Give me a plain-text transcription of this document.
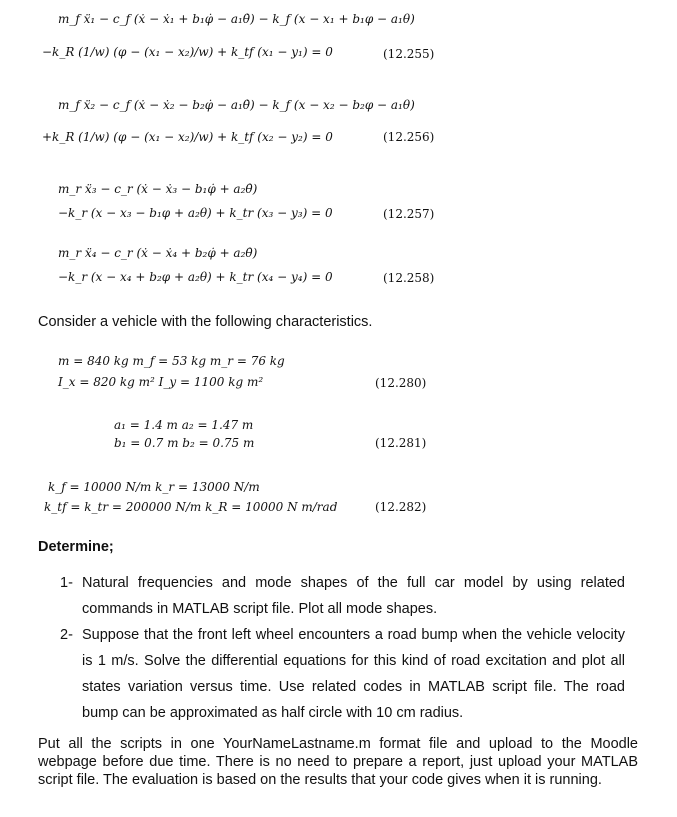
m_f ẍ₁ − c_f (ẋ − ẋ₁ + b₁φ̇ − a₁θ̇) − k_f (x − x₁ + b₁φ − a₁θ)
−k_R (1/w) (φ − (x₁ − x₂)/w) + k_tf (x₁ − y₁) = 0	(12.255)
m_f ẍ₂ − c_f (ẋ − ẋ₂ − b₂φ̇ − a₁θ̇) − k_f (x − x₂ − b₂φ − a₁θ)
+k_R (1/w) (φ − (x₁ − x₂)/w) + k_tf (x₂ − y₂) = 0	(12.256)
m_r ẍ₃ − c_r (ẋ − ẋ₃ − b₁φ̇ + a₂θ̇)
−k_r (x − x₃ − b₁φ + a₂θ) + k_tr (x₃ − y₃) = 0	(12.257)
m_r ẍ₄ − c_r (ẋ − ẋ₄ + b₂φ̇ + a₂θ̇)
−k_r (x − x₄ + b₂φ + a₂θ) + k_tr (x₄ − y₄) = 0	(12.258)
Consider a vehicle with the following characteristics.
m = 840 kg m_f = 53 kg m_r = 76 kg
I_x = 820 kg m² I_y = 1100 kg m²	(12.280)
a₁ = 1.4 m a₂ = 1.47 m
b₁ = 0.7 m b₂ = 0.75 m	(12.281)
k_f = 10000 N/m k_r = 13000 N/m
k_tf = k_tr = 200000 N/m k_R = 10000 N m/rad	(12.282)
Determine;
1- Natural frequencies and mode shapes of the full car model by using related commands in MATLAB script file. Plot all mode shapes.
2- Suppose that the front left wheel encounters a road bump when the vehicle velocity is 1 m/s. Solve the differential equations for this kind of road excitation and plot all states variation versus time. Use related codes in MATLAB script file. The road bump can be approximated as half circle with 10 cm radius.
Put all the scripts in one YourNameLastname.m format file and upload to the Moodle webpage before due time. There is no need to prepare a report, just upload your MATLAB script file. The evaluation is based on the results that your code gives when it is running.
